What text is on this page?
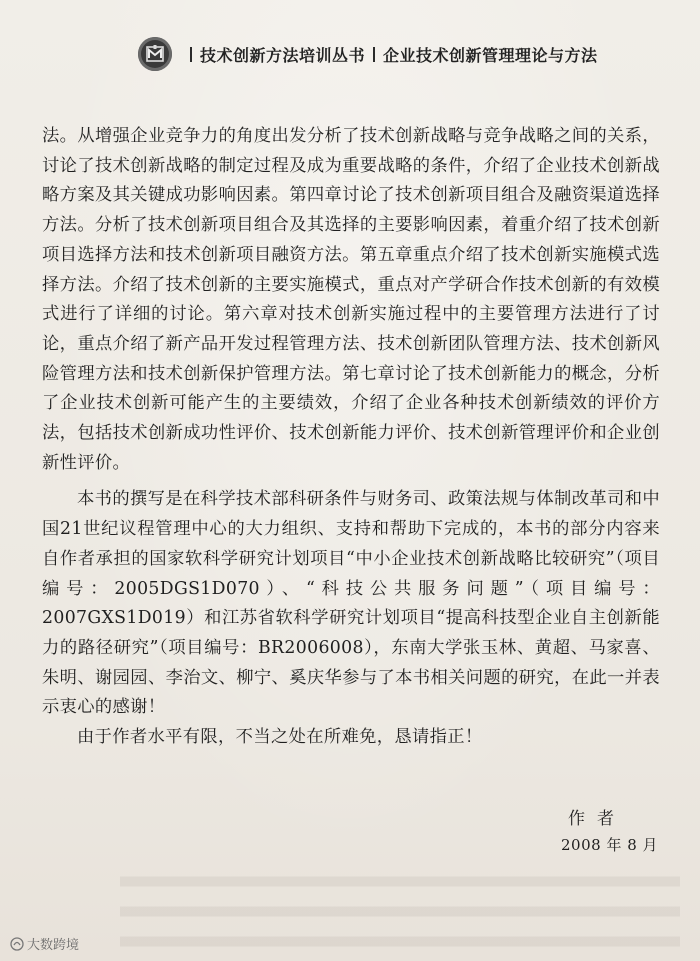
技术创新方法培训丛书 企业技术创新管理理论与方法

法。从增强企业竞争力的角度出发分析了技术创新战略与竞争战略之间的关系，讨论了技术创新战略的制定过程及成为重要战略的条件，介绍了企业技术创新战略方案及其关键成功影响因素。第四章讨论了技术创新项目组合及融资渠道选择方法。分析了技术创新项目组合及其选择的主要影响因素，着重介绍了技术创新项目选择方法和技术创新项目融资方法。第五章重点介绍了技术创新实施模式选择方法。介绍了技术创新的主要实施模式，重点对产学研合作技术创新的有效模式进行了详细的讨论。第六章对技术创新实施过程中的主要管理方法进行了讨论，重点介绍了新产品开发过程管理方法、技术创新团队管理方法、技术创新风险管理方法和技术创新保护管理方法。第七章讨论了技术创新能力的概念，分析了企业技术创新可能产生的主要绩效，介绍了企业各种技术创新绩效的评价方法，包括技术创新成功性评价、技术创新能力评价、技术创新管理评价和企业创新性评价。

本书的撰写是在科学技术部科研条件与财务司、政策法规与体制改革司和中国21世纪议程管理中心的大力组织、支持和帮助下完成的，本书的部分内容来自作者承担的国家软科学研究计划项目“中小企业技术创新战略比较研究”（项目编号：2005DGS1D070）、“科技公共服务问题”（项目编号：2007GXS1D019）和江苏省软科学研究计划项目“提高科技型企业自主创新能力的路径研究”（项目编号：BR2006008），东南大学张玉林、黄超、马家喜、朱明、谢园园、李治文、柳宁、奚庆华参与了本书相关问题的研究，在此一并表示衷心的感谢！

由于作者水平有限，不当之处在所难免，恳请指正！

作者
2008 年 8 月
大数跨境
